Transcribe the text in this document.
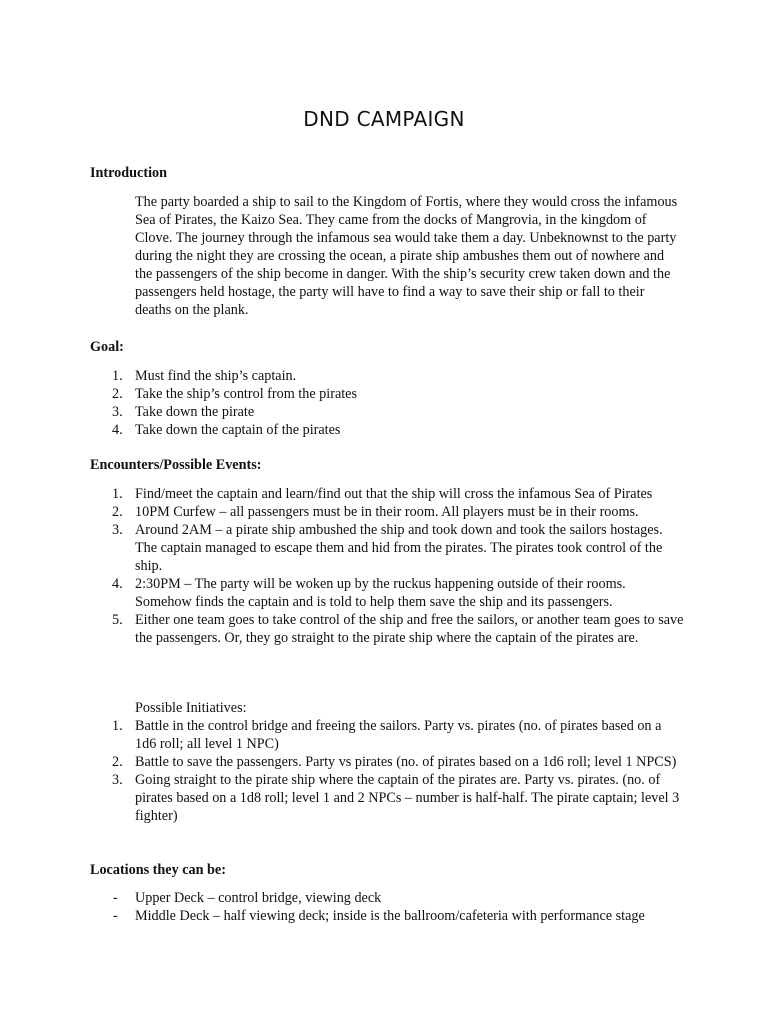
DND CAMPAIGN
Introduction

The party boarded a ship to sail to the Kingdom of Fortis, where they would cross the infamous Sea of Pirates, the Kaizo Sea. They came from the docks of Mangrovia, in the kingdom of Clove. The journey through the infamous sea would take them a day. Unbeknownst to the party during the night they are crossing the ocean, a pirate ship ambushes them out of nowhere and the passengers of the ship become in danger. With the ship’s security crew taken down and the passengers held hostage, the party will have to find a way to save their ship or fall to their deaths on the plank.

Goal:
1. Must find the ship’s captain.
2. Take the ship’s control from the pirates
3. Take down the pirate
4. Take down the captain of the pirates
Encounters/Possible Events:
1. Find/meet the captain and learn/find out that the ship will cross the infamous Sea of Pirates
2. 10PM Curfew – all passengers must be in their room. All players must be in their rooms.
3. Around 2AM – a pirate ship ambushed the ship and took down and took the sailors hostages. The captain managed to escape them and hid from the pirates. The pirates took control of the ship.
4. 2:30PM – The party will be woken up by the ruckus happening outside of their rooms. Somehow finds the captain and is told to help them save the ship and its passengers.
5. Either one team goes to take control of the ship and free the sailors, or another team goes to save the passengers. Or, they go straight to the pirate ship where the captain of the pirates are.
Possible Initiatives:
1. Battle in the control bridge and freeing the sailors. Party vs. pirates (no. of pirates based on a 1d6 roll; all level 1 NPC)
2. Battle to save the passengers. Party vs pirates (no. of pirates based on a 1d6 roll; level 1 NPCS)
3. Going straight to the pirate ship where the captain of the pirates are. Party vs. pirates. (no. of pirates based on a 1d8 roll; level 1 and 2 NPCs – number is half-half. The pirate captain; level 3 fighter)
Locations they can be:
-	Upper Deck – control bridge, viewing deck
-	Middle Deck – half viewing deck; inside is the ballroom/cafeteria with performance stage
